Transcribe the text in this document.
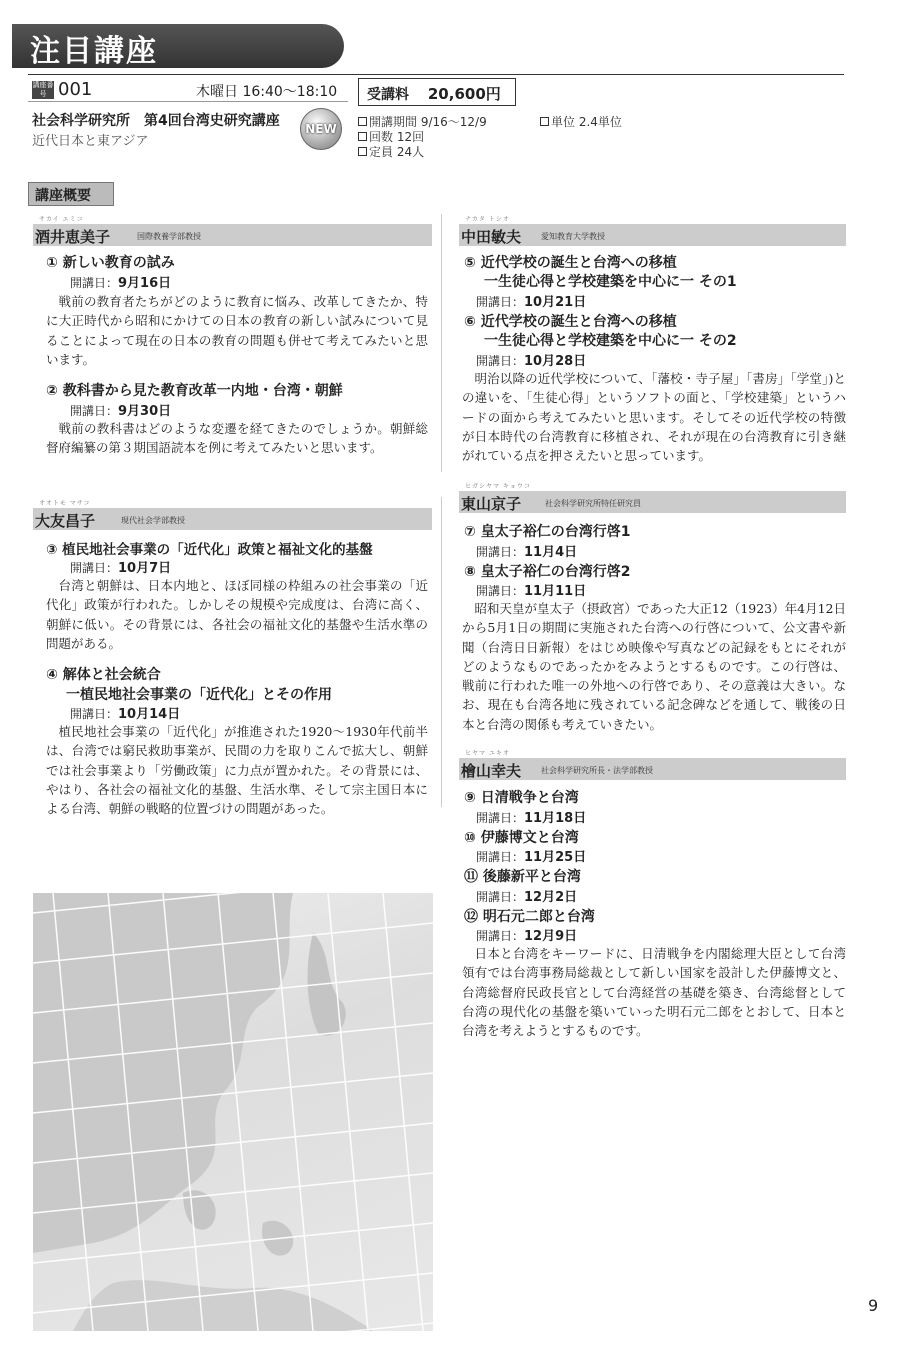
注目講座
講座番号 001	木曜日 16:40〜18:10
社会科学研究所　第4回台湾史研究講座
近代日本と東アジア
NEW
受講料 20,600円
開講期間 9/16〜12/9	単位 2.4単位
回数 12回
定員 24人
講座概要
サカイ エミコ
酒井恵美子	国際教養学部教授
① 新しい教育の試み
開講日：9月16日
戦前の教育者たちがどのように教育に悩み、改革してきたか、特に大正時代から昭和にかけての日本の教育の新しい試みについて見ることによって現在の日本の教育の問題も併せて考えてみたいと思います。
② 教科書から見た教育改革一内地・台湾・朝鮮
開講日：9月30日
戦前の教科書はどのような変遷を経てきたのでしょうか。朝鮮総督府編纂の第３期国語読本を例に考えてみたいと思います。
オオトモ マサコ
大友昌子	現代社会学部教授
③ 植民地社会事業の「近代化」政策と福祉文化的基盤
開講日：10月7日
台湾と朝鮮は、日本内地と、ほぼ同様の枠組みの社会事業の「近代化」政策が行われた。しかしその規模や完成度は、台湾に高く、朝鮮に低い。その背景には、各社会の福祉文化的基盤や生活水準の問題がある。
④ 解体と社会統合
一植民地社会事業の「近代化」とその作用
開講日：10月14日
植民地社会事業の「近代化」が推進された1920〜1930年代前半は、台湾では窮民救助事業が、民間の力を取りこんで拡大し、朝鮮では社会事業より「労働政策」に力点が置かれた。その背景には、やはり、各社会の福祉文化的基盤、生活水準、そして宗主国日本による台湾、朝鮮の戦略的位置づけの問題があった。
ナカタ トシオ
中田敏夫 愛知教育大学教授
⑤ 近代学校の誕生と台湾への移植
一生徒心得と学校建築を中心に一 その1
開講日：10月21日
⑥ 近代学校の誕生と台湾への移植
一生徒心得と学校建築を中心に一 その2
開講日：10月28日
明治以降の近代学校について、「藩校・寺子屋」「書房」「学堂」)との違いを、「生徒心得」というソフトの面と、「学校建築」というハードの面から考えてみたいと思います。そしてその近代学校の特徴が日本時代の台湾教育に移植され、それが現在の台湾教育に引き継がれている点を押さえたいと思っています。
ヒガシヤマ キョウコ
東山京子	社会科学研究所特任研究員
⑦ 皇太子裕仁の台湾行啓1
開講日：11月4日
⑧ 皇太子裕仁の台湾行啓2
開講日：11月11日
昭和天皇が皇太子（摂政宮）であった大正12（1923）年4月12日から5月1日の期間に実施された台湾への行啓について、公文書や新聞（台湾日日新報）をはじめ映像や写真などの記録をもとにそれがどのようなものであったかをみようとするものです。この行啓は、戦前に行われた唯一の外地への行啓であり、その意義は大きい。なお、現在も台湾各地に残されている記念碑などを通して、戦後の日本と台湾の関係も考えていきたい。
ヒヤマ ユキオ
檜山幸夫 社会科学研究所長・法学部教授
⑨ 日清戦争と台湾
開講日：11月18日
⑩ 伊藤博文と台湾
開講日：11月25日
⑪ 後藤新平と台湾
開講日：12月2日
⑫ 明石元二郎と台湾
開講日：12月9日
日本と台湾をキーワードに、日清戦争を内閣総理大臣として台湾領有では台湾事務局総裁として新しい国家を設計した伊藤博文と、台湾総督府民政長官として台湾経営の基礎を築き、台湾総督として台湾の現代化の基盤を築いていった明石元二郎をとおして、日本と台湾を考えようとするものです。
9
